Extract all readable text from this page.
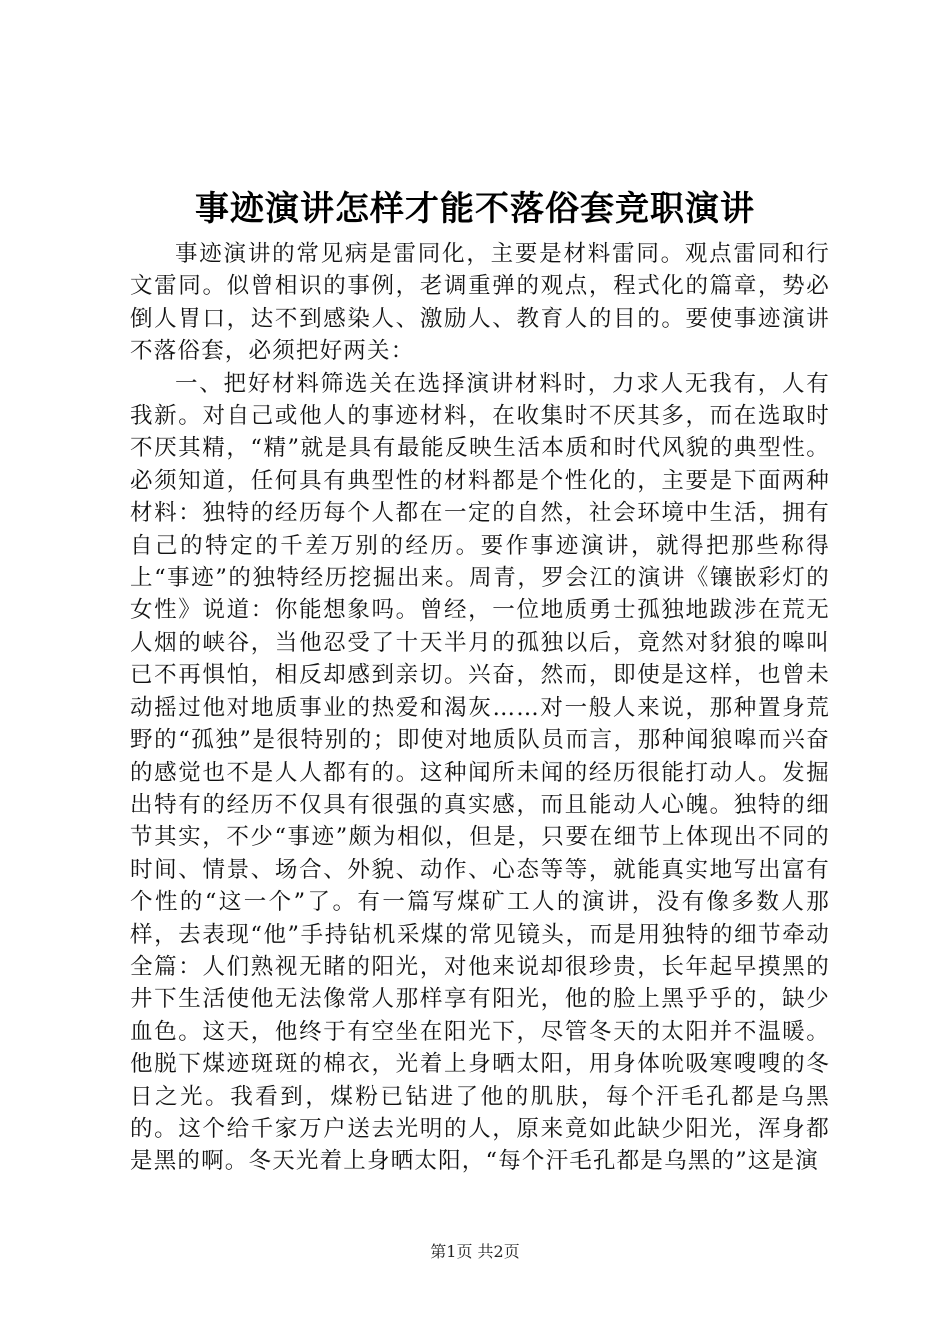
事迹演讲怎样才能不落俗套竞职演讲

事迹演讲的常见病是雷同化，主要是材料雷同。观点雷同和行文雷同。似曾相识的事例，老调重弹的观点，程式化的篇章，势必倒人胃口，达不到感染人、激励人、教育人的目的。要使事迹演讲不落俗套，必须把好两关：

一、把好材料筛选关在选择演讲材料时，力求人无我有，人有我新。对自己或他人的事迹材料，在收集时不厌其多，而在选取时不厌其精，“精”就是具有最能反映生活本质和时代风貌的典型性。必须知道，任何具有典型性的材料都是个性化的，主要是下面两种材料：独特的经历每个人都在一定的自然，社会环境中生活，拥有自己的特定的千差万别的经历。要作事迹演讲，就得把那些称得上“事迹”的独特经历挖掘出来。周青，罗会江的演讲《镶嵌彩灯的女性》说道：你能想象吗。曾经，一位地质勇士孤独地跋涉在荒无人烟的峡谷，当他忍受了十天半月的孤独以后，竟然对豺狼的嗥叫已不再惧怕，相反却感到亲切。兴奋，然而，即使是这样，也曾未动摇过他对地质事业的热爱和渴灰……对一般人来说，那种置身荒野的“孤独”是很特别的；即使对地质队员而言，那种闻狼嗥而兴奋的感觉也不是人人都有的。这种闻所未闻的经历很能打动人。发掘出特有的经历不仅具有很强的真实感，而且能动人心魄。独特的细节其实，不少“事迹”颇为相似，但是，只要在细节上体现出不同的时间、情景、场合、外貌、动作、心态等等，就能真实地写出富有个性的“这一个”了。有一篇写煤矿工人的演讲，没有像多数人那样，去表现“他”手持钻机采煤的常见镜头，而是用独特的细节牵动全篇：人们熟视无睹的阳光，对他来说却很珍贵，长年起早摸黑的井下生活使他无法像常人那样享有阳光，他的脸上黑乎乎的，缺少血色。这天，他终于有空坐在阳光下，尽管冬天的太阳并不温暖。他脱下煤迹斑斑的棉衣，光着上身晒太阳，用身体吮吸寒嗖嗖的冬日之光。我看到，煤粉已钻进了他的肌肤，每个汗毛孔都是乌黑的。这个给千家万户送去光明的人，原来竟如此缺少阳光，浑身都是黑的啊。冬天光着上身晒太阳，“每个汗毛孔都是乌黑的”这是演

第1页 共2页
